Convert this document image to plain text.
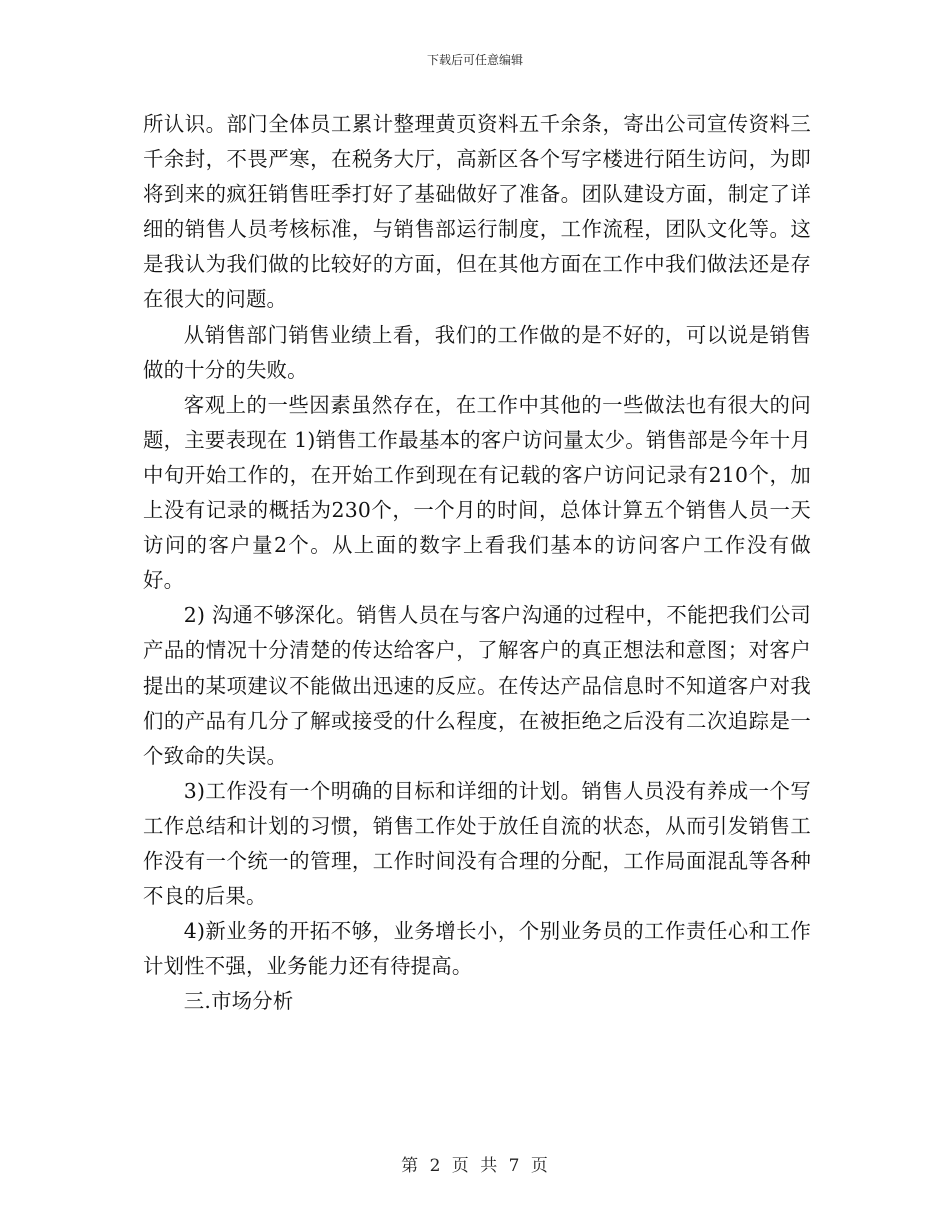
下载后可任意编辑

所认识。部门全体员工累计整理黄页资料五千余条，寄出公司宣传资料三千余封，不畏严寒，在税务大厅，高新区各个写字楼进行陌生访问，为即将到来的疯狂销售旺季打好了基础做好了准备。团队建设方面，制定了详细的销售人员考核标准，与销售部运行制度，工作流程，团队文化等。这是我认为我们做的比较好的方面，但在其他方面在工作中我们做法还是存在很大的问题。

从销售部门销售业绩上看，我们的工作做的是不好的，可以说是销售做的十分的失败。

客观上的一些因素虽然存在，在工作中其他的一些做法也有很大的问题，主要表现在 1)销售工作最基本的客户访问量太少。销售部是今年十月中旬开始工作的，在开始工作到现在有记载的客户访问记录有210个，加上没有记录的概括为230个，一个月的时间，总体计算五个销售人员一天访问的客户量2个。从上面的数字上看我们基本的访问客户工作没有做好。

2) 沟通不够深化。销售人员在与客户沟通的过程中，不能把我们公司产品的情况十分清楚的传达给客户，了解客户的真正想法和意图；对客户提出的某项建议不能做出迅速的反应。在传达产品信息时不知道客户对我们的产品有几分了解或接受的什么程度，在被拒绝之后没有二次追踪是一个致命的失误。

3)工作没有一个明确的目标和详细的计划。销售人员没有养成一个写工作总结和计划的习惯，销售工作处于放任自流的状态，从而引发销售工作没有一个统一的管理，工作时间没有合理的分配，工作局面混乱等各种不良的后果。

4)新业务的开拓不够，业务增长小，个别业务员的工作责任心和工作计划性不强，业务能力还有待提高。

三.市场分析

第 2 页 共 7 页
